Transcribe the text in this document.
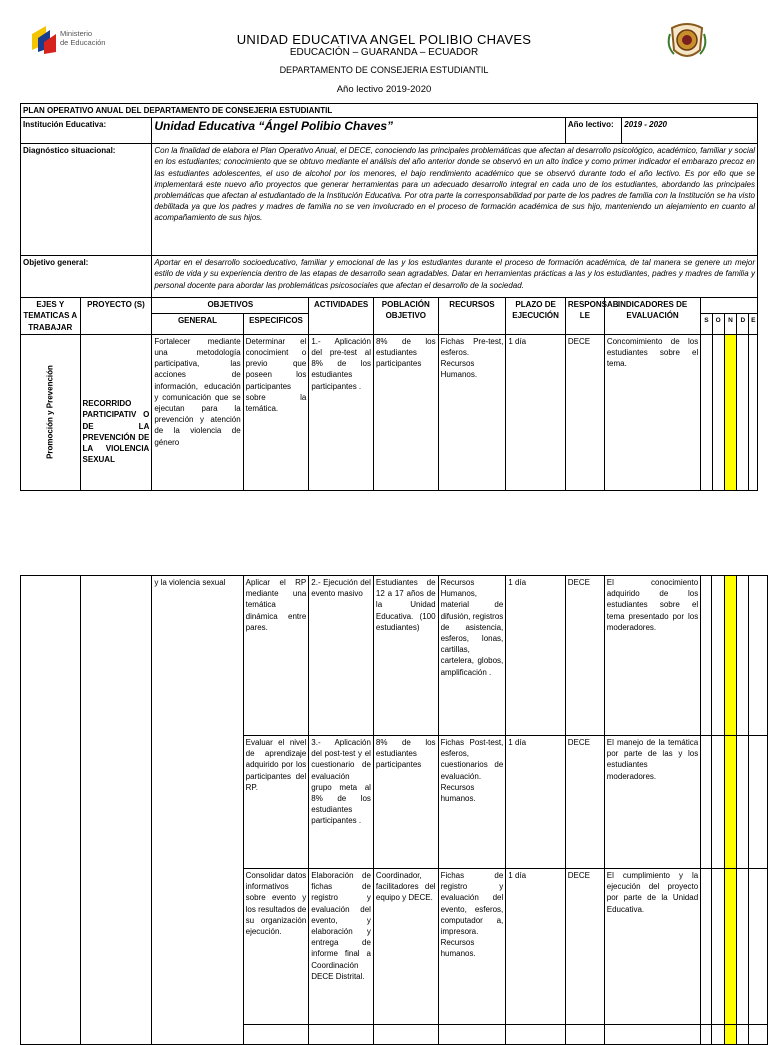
Ministerio
de Educación	UNIDAD EDUCATIVA ANGEL POLIBIO CHAVES
EDUCACIÓN – GUARANDA – ECUADOR
DEPARTAMENTO DE CONSEJERIA ESTUDIANTIL
Año lectivo 2019-2020
PLAN OPERATIVO ANUAL DEL DEPARTAMENTO DE CONSEJERIA ESTUDIANTIL															
Institución Educativa:		Unidad Educativa “Ángel Polibio Chaves”						Año lectivo:		2019 - 2020					
Diagnóstico situacional:		Con la finalidad de elabora el Plan Operativo Anual, el DECE, conociendo las principales problemáticas que afectan al desarrollo psicológico, académico, familiar y social en los estudiantes; conocimiento que se obtuvo mediante el análisis del año anterior donde se observó en un alto índice y como primer indicador el embarazo precoz en las estudiantes adolescentes, el uso de alcohol por los menores, el bajo rendimiento académico que se observó durante todo el año lectivo. Es por ello que se implementará este nuevo año proyectos que generar herramientas para un adecuado desarrollo integral en cada uno de los estudiantes, abordando las principales problemáticas que afectan al estudiantado de la Institución Educativa. Por otra parte la corresponsabilidad por parte de los padres de familia con la Institución se ha visto debilitada ya que los padres y madres de familia no se ven involucrado en el proceso de formación académica de sus hijo, manteniendo un alejamiento en cuanto al acompañamiento de sus hijos.													
Objetivo general:		Aportar en el desarrollo socioeducativo, familiar y emocional de las y los estudiantes durante el proceso de formación académica, de tal manera se genere un mejor estilo de vida y su experiencia dentro de las etapas de desarrollo sean agradables. Datar en herramientas prácticas a las y los estudiantes, padres y madres de familia y personal docente para abordar las problemáticas psicosociales que afectan el desarrollo de la sociedad.													
EJES Y TEMATICAS A TRABAJAR	PROYECTO (S)	OBJETIVOS		ACTIVIDADES	POBLACIÓN OBJETIVO	RECURSOS	PLAZO DE EJECUCIÓN	RESPONSAB LE	INDICADORES DE EVALUACIÓN						
		GENERAL	ESPECIFICOS								S	O	N	D	E

Promoción y Prevención	RECORRIDO PARTICIPATIV O DE LA PREVENCIÓN DE LA VIOLENCIA SEXUAL	Fortalecer mediante una metodología participativa, las acciones de información, educación y comunicación que se ejecutan para la prevención y atención de la violencia de género	Determinar el conocimient o previo que poseen los participantes sobre la temática.	1.- Aplicación del pre-test al 8% de los estudiantes participantes .	8% de los estudiantes participantes	Fichas Pre-test, esferos. Recursos Humanos.	1 día	DECE	Concomimiento de los estudiantes sobre el tema.						
		y la violencia sexual	Aplicar el RP mediante una temática dinámica entre pares.	2.- Ejecución del evento masivo	Estudiantes de 12 a 17 años de la Unidad Educativa. (100 estudiantes)	Recursos Humanos, material de difusión, registros de asistencia, esferos, lonas, cartillas, cartelera, globos, amplificación .	1 día	DECE	El conocimiento adquirido de los estudiantes sobre el tema presentado por los moderadores.					
			Evaluar el nivel de aprendizaje adquirido por los participantes del RP.	3.- Aplicación del post-test y el cuestionario de evaluación grupo meta al 8% de los estudiantes participantes .	8% de los estudiantes participantes	Fichas Post-test, esferos, cuestionarios de evaluación. Recursos humanos.	1 día	DECE	El manejo de la temática por parte de las y los estudiantes moderadores.					
			Consolidar datos informativos sobre evento y los resultados de su organización ejecución.	Elaboración de fichas de registro y evaluación del evento, y elaboración y entrega de informe final a Coordinación DECE Distrital.	Coordinador, facilitadores del equipo y DECE.	Fichas de registro y evaluación del evento, esferos, computador a, impresora. Recursos humanos.	1 día	DECE	El cumplimiento y la ejecución del proyecto por parte de la Unidad Educativa.					
